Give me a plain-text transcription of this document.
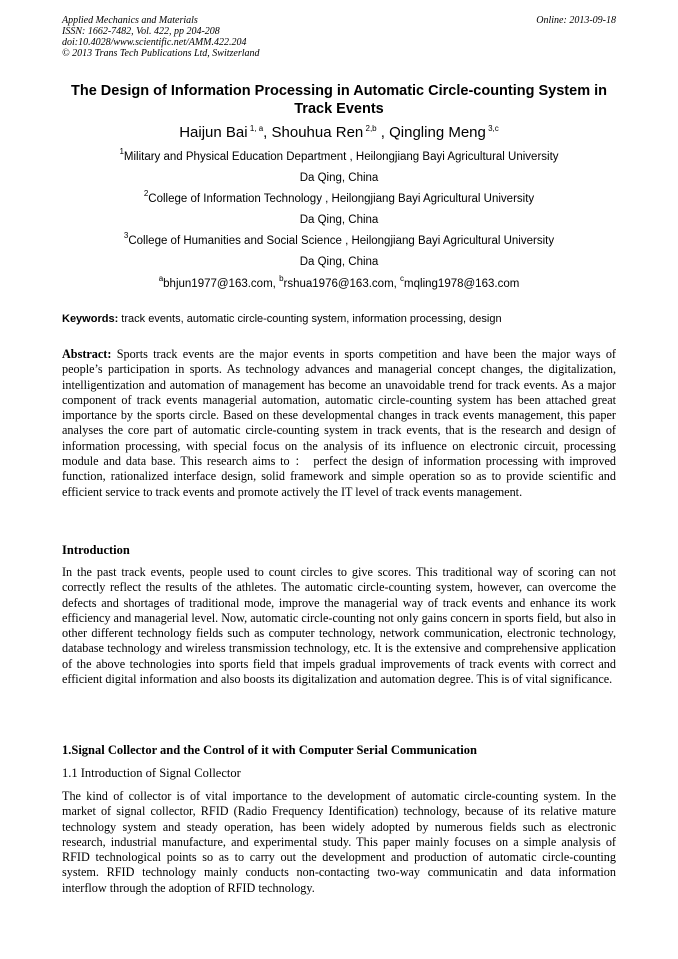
Applied Mechanics and Materials
ISSN: 1662-7482, Vol. 422, pp 204-208
doi:10.4028/www.scientific.net/AMM.422.204
© 2013 Trans Tech Publications Ltd, Switzerland
Online: 2013-09-18
The Design of Information Processing in Automatic Circle-counting System in Track Events
Haijun Bai $^{1, a}$, Shouhua Ren $^{2,b}$ , Qingling Meng $^{3,c}$
$^1$Military and Physical Education Department , Heilongjiang Bayi Agricultural University
Da Qing, China
$^2$College of Information Technology , Heilongjiang Bayi Agricultural University
Da Qing, China
$^3$College of Humanities and Social Science , Heilongjiang Bayi Agricultural University
Da Qing, China
$^a$bhjun1977@163.com, $^b$rshua1976@163.com, $^c$mqling1978@163.com
Keywords: track events, automatic circle-counting system, information processing, design
Abstract: Sports track events are the major events in sports competition and have been the major ways of people’s participation in sports. As technology advances and managerial concept changes, the digitalization, intelligentization and automation of management has become an unavoidable trend for track events. As a major component of track events managerial automation, automatic circle-counting system has been attached great importance by the sports circle. Based on these developmental changes in track events management, this paper analyses the core part of automatic circle-counting system in track events, that is the research and design of information processing, with special focus on the analysis of its influence on electronic circuit, processing module and data base. This research aims to ： perfect the design of information processing with improved function, rationalized interface design, solid framework and simple operation so as to provide scientific and efficient service to track events and promote actively the IT level of track events management.
Introduction
In the past track events, people used to count circles to give scores. This traditional way of scoring can not correctly reflect the results of the athletes. The automatic circle-counting system, however, can overcome the defects and shortages of traditional mode, improve the managerial way of track events and enhance its work efficiency and managerial level. Now, automatic circle-counting not only gains concern in sports field, but also in other different technology fields such as computer technology, network communication, electronic technology, database technology and wireless transmission technology, etc. It is the extensive and comprehensive application of the above technologies into sports field that impels gradual improvements of track events with correct and efficient digital information and also boosts its digitalization and automation degree. This is of vital significance.
1.Signal Collector and the Control of it with Computer Serial Communication
1.1 Introduction of Signal Collector
The kind of collector is of vital importance to the development of automatic circle-counting system. In the market of signal collector, RFID (Radio Frequency Identification) technology, because of its relative mature technology system and steady operation, has been widely adopted by numerous fields such as electronic research, industrial manufacture, and experimental study. This paper mainly focuses on a simple analysis of RFID technological points so as to carry out the development and production of automatic circle-counting system. RFID technology mainly conducts non-contacting two-way communicatin and data information interflow through the adoption of RFID technology.
